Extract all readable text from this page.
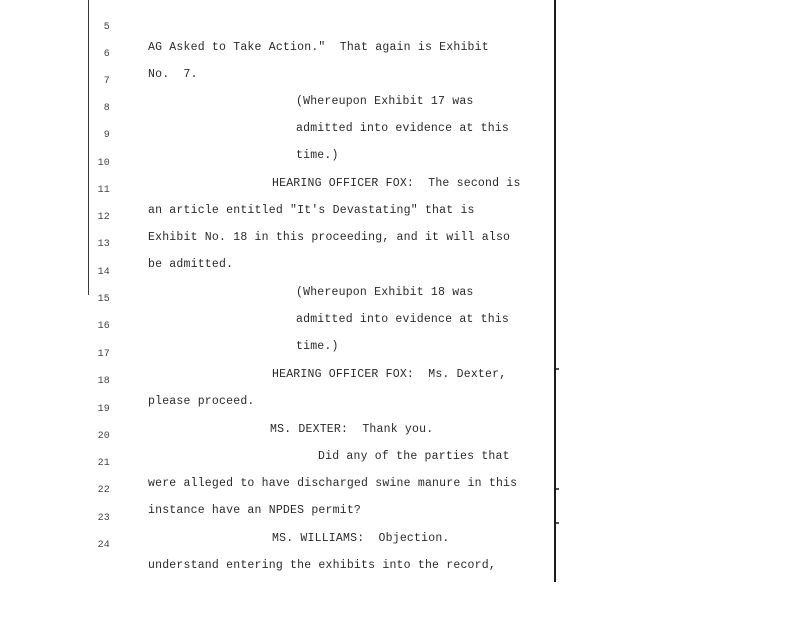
5

AG Asked to Take Action."  That again is Exhibit

6

No.  7.

7

(Whereupon Exhibit 17 was

8

admitted into evidence at this

9

time.)

10

HEARING OFFICER FOX:  The second is

11

an article entitled "It's Devastating" that is

12

Exhibit No. 18 in this proceeding, and it will also

13

be admitted.

14

(Whereupon Exhibit 18 was

15

admitted into evidence at this

16

time.)

17

HEARING OFFICER FOX:  Ms. Dexter,

18

please proceed.

19

MS. DEXTER:  Thank you.

20

Did any of the parties that

21

were alleged to have discharged swine manure in this

22

instance have an NPDES permit?

23

MS. WILLIAMS:  Objection.

24

understand entering the exhibits into the record,
